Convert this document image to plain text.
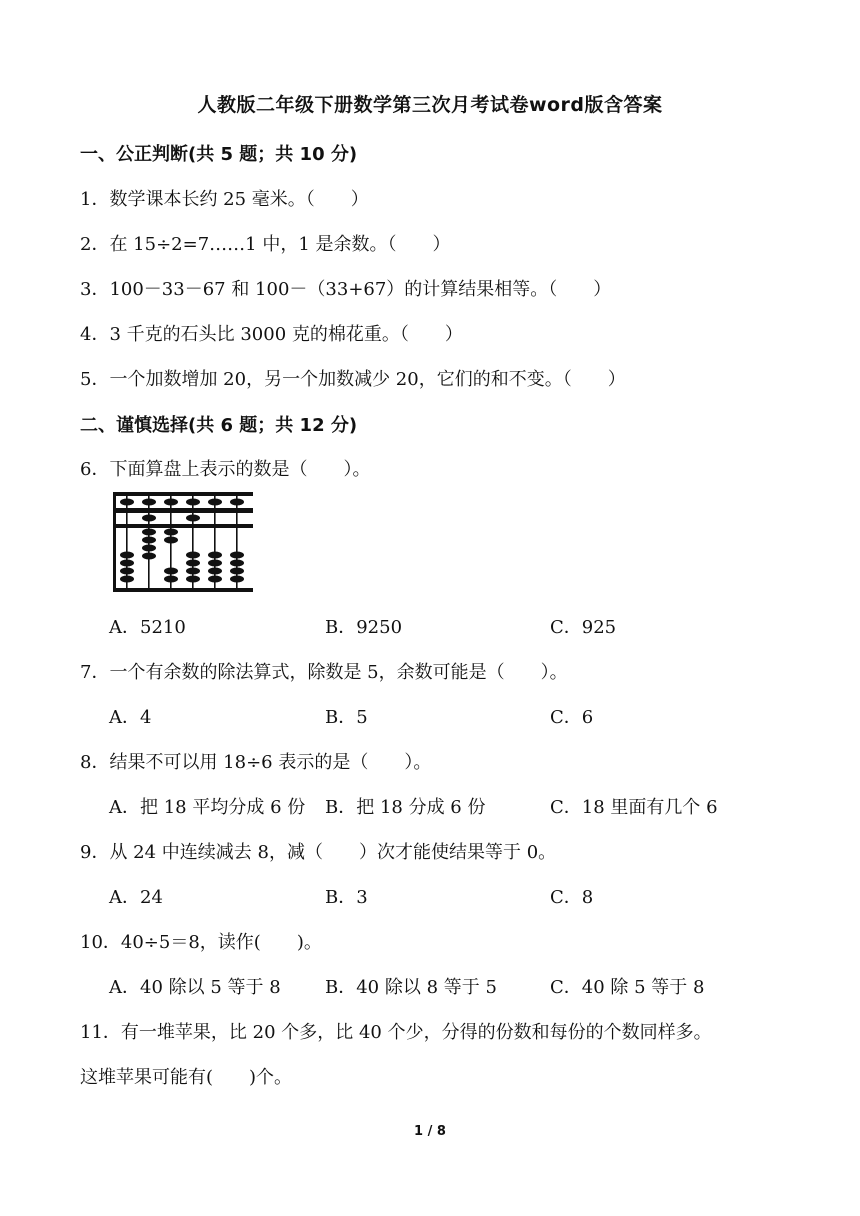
人教版二年级下册数学第三次月考试卷word版含答案
一、公正判断(共 5 题；共 10 分)
1．数学课本长约 25 毫米。（　　）
2．在 15÷2=7……1 中，1 是余数。（　　）
3．100－33－67 和 100－（33+67）的计算结果相等。（　　）
4．3 千克的石头比 3000 克的棉花重。（　　）
5．一个加数增加 20，另一个加数减少 20，它们的和不变。（　　）
二、谨慎选择(共 6 题；共 12 分)
6．下面算盘上表示的数是（　　）。
A．5210	B．9250	C．925
7．一个有余数的除法算式，除数是 5，余数可能是（　　）。
A．4	B．5	C．6
8．结果不可以用 18÷6 表示的是（　　）。
A．把 18 平均分成 6 份 B．把 18 分成 6 份	C．18 里面有几个 6
9．从 24 中连续减去 8，减（　　）次才能使结果等于 0。
A．24	B．3	C．8
10．40÷5＝8，读作(　　)。
A．40 除以 5 等于 8 B．40 除以 8 等于 5	C．40 除 5 等于 8
11．有一堆苹果，比 20 个多，比 40 个少，分得的份数和每份的个数同样多。
这堆苹果可能有(　　)个。
1 / 8
